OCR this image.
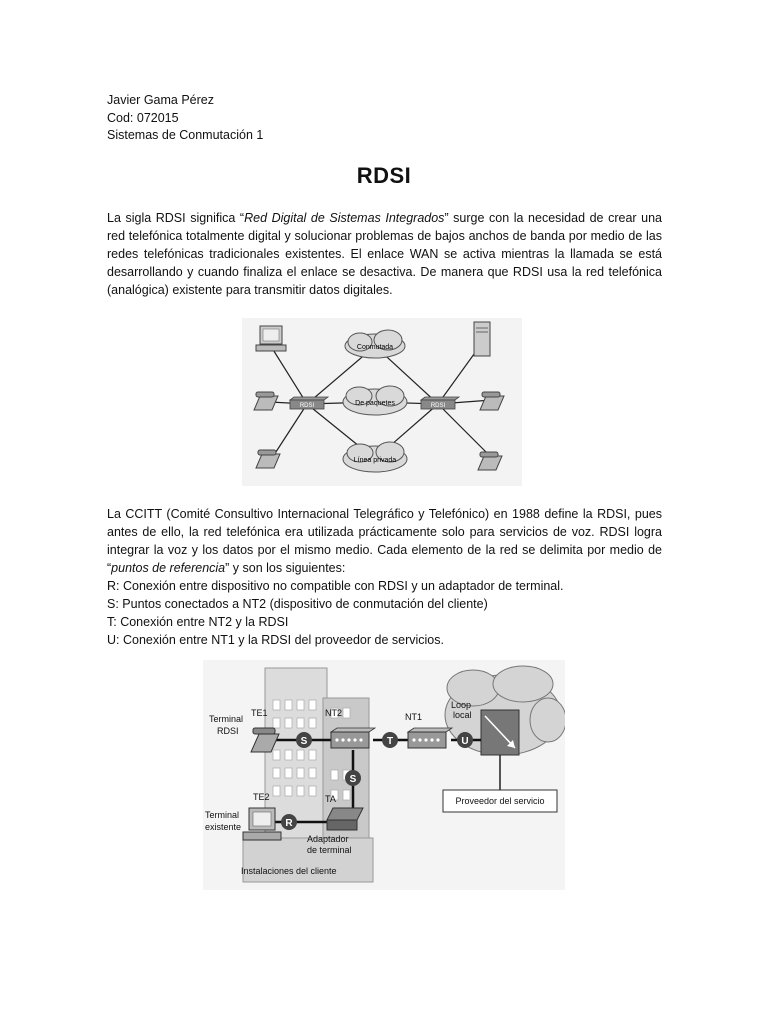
Javier Gama Pérez
Cod: 072015
Sistemas de Conmutación 1
RDSI
La sigla RDSI significa “Red Digital de Sistemas Integrados” surge con la necesidad de crear una red telefónica totalmente digital y solucionar problemas de bajos anchos de banda por medio de las redes telefónicas tradicionales existentes. El enlace WAN se activa mientras la llamada se está desarrollando y cuando finaliza el enlace se desactiva. De manera que RDSI usa la red telefónica (analógica) existente para transmitir datos digitales.
Conmutada
De paquetes
Línea privada
RDSI	RDSI
La CCITT (Comité Consultivo Internacional Telegráfico y Telefónico) en 1988 define la RDSI, pues antes de ello, la red telefónica era utilizada prácticamente solo para servicios de voz. RDSI logra integrar la voz y los datos por el mismo medio. Cada elemento de la red se delimita por medio de “puntos de referencia” y son los siguientes:
R: Conexión entre dispositivo no compatible con RDSI y un adaptador de terminal.
S: Puntos conectados a NT2 (dispositivo de conmutación del cliente)
T: Conexión entre NT2 y la RDSI
U: Conexión entre NT1 y la RDSI del proveedor de servicios.
S	T	U
S
R
TE1
Terminal
RDSI
NT2	NT1
Loop
local
TE2	TA
Terminal
existente
Adaptador
de terminal
Instalaciones del cliente
Proveedor del servicio
